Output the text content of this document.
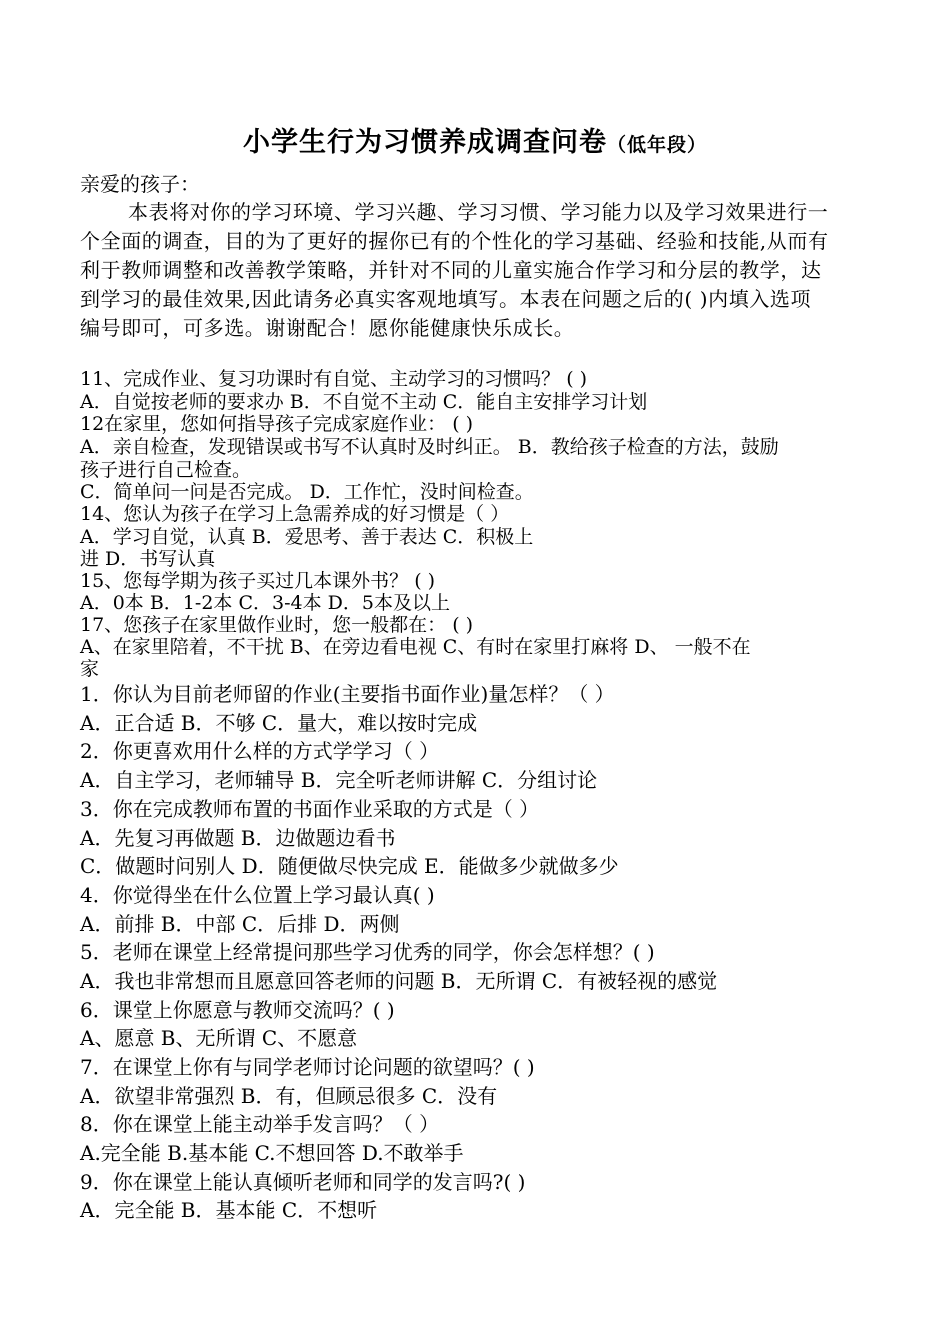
小学生行为习惯养成调查问卷（低年段）
亲爱的孩子：
本表将对你的学习环境、学习兴趣、学习习惯、学习能力以及学习效果进行一
个全面的调查，目的为了更好的握你已有的个性化的学习基础、经验和技能,从而有
利于教师调整和改善教学策略，并针对不同的儿童实施合作学习和分层的教学，达
到学习的最佳效果,因此请务必真实客观地填写。本表在问题之后的( )内填入选项
编号即可，可多选。谢谢配合！愿你能健康快乐成长。
11、完成作业、复习功课时有自觉、主动学习的习惯吗？ ( )
A．自觉按老师的要求办 B．不自觉不主动 C．能自主安排学习计划
12在家里，您如何指导孩子完成家庭作业： ( )
A．亲自检查，发现错误或书写不认真时及时纠正。 B．教给孩子检查的方法，鼓励
孩子进行自己检查。
C．简单问一问是否完成。 D．工作忙，没时间检查。
14、您认为孩子在学习上急需养成的好习惯是（ ）
A．学习自觉，认真 B．爱思考、善于表达 C．积极上
进 D．书写认真
15、您每学期为孩子买过几本课外书？ ( )
A．0本 B．1-2本 C．3-4本 D．5本及以上
17、您孩子在家里做作业时，您一般都在： ( )
A、在家里陪着，不干扰 B、在旁边看电视 C、有时在家里打麻将 D、 一般不在
家
1．你认为目前老师留的作业(主要指书面作业)量怎样？（ ）
A．正合适 B．不够 C．量大，难以按时完成
2．你更喜欢用什么样的方式学学习（ ）
A．自主学习，老师辅导 B．完全听老师讲解 C．分组讨论
3．你在完成教师布置的书面作业采取的方式是（ ）
A．先复习再做题 B．边做题边看书
C．做题时问别人 D．随便做尽快完成 E．能做多少就做多少
4．你觉得坐在什么位置上学习最认真( )
A．前排 B．中部 C．后排 D．两侧
5．老师在课堂上经常提问那些学习优秀的同学，你会怎样想？( )
A．我也非常想而且愿意回答老师的问题 B．无所谓 C．有被轻视的感觉
6．课堂上你愿意与教师交流吗？( )
A、愿意 B、无所谓 C、不愿意
7．在课堂上你有与同学老师讨论问题的欲望吗？( )
A．欲望非常强烈 B．有，但顾忌很多 C．没有
8．你在课堂上能主动举手发言吗？（ ）
A.完全能 B.基本能 C.不想回答 D.不敢举手
9．你在课堂上能认真倾听老师和同学的发言吗?( )
A．完全能 B．基本能 C．不想听
